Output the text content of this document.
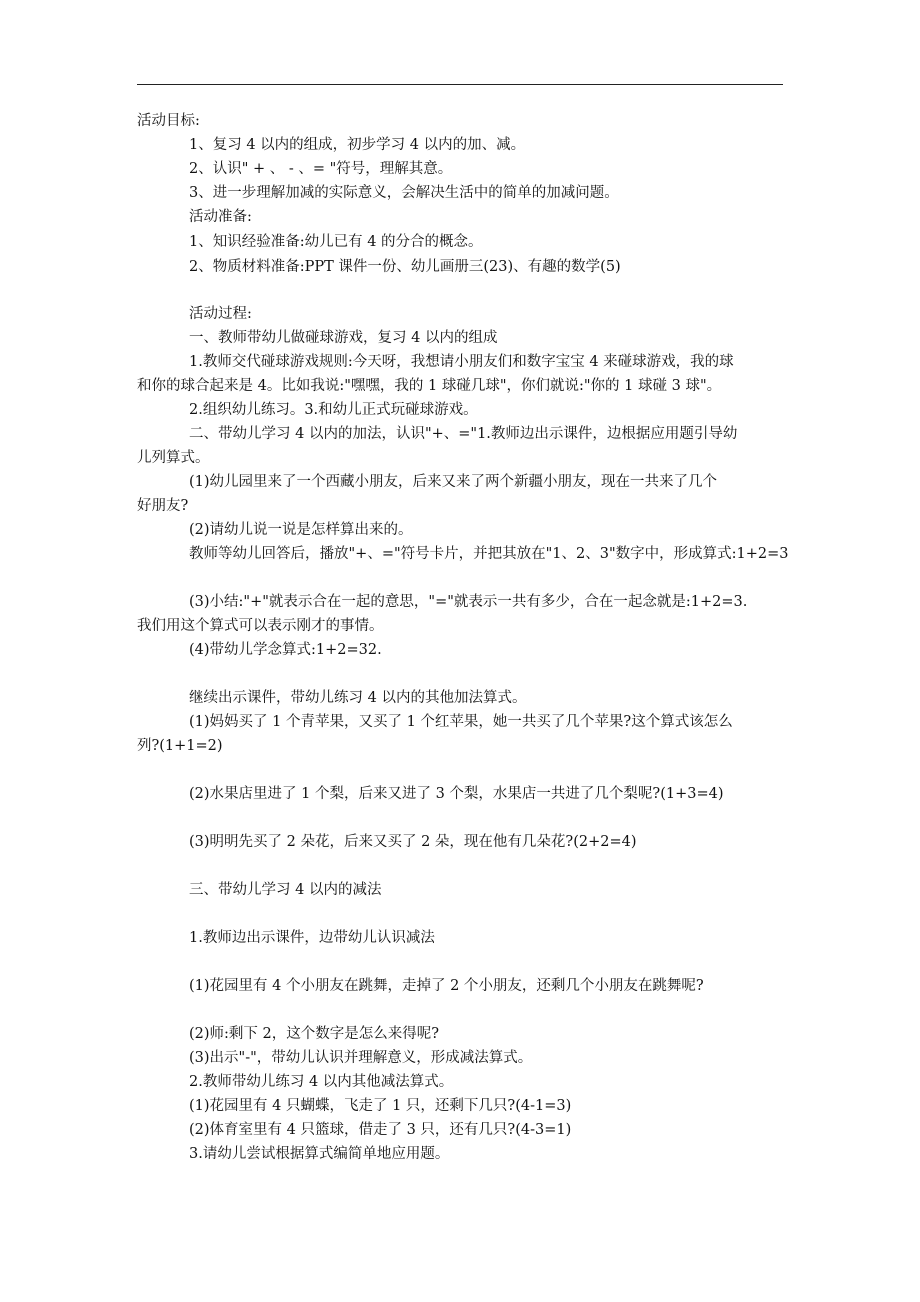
活动目标:
1、复习 4 以内的组成，初步学习 4 以内的加、减。
2、认识" + 、 - 、= "符号，理解其意。
3、进一步理解加减的实际意义，会解决生活中的简单的加减问题。
活动准备:
1、知识经验准备:幼儿已有 4 的分合的概念。
2、物质材料准备:PPT 课件一份、幼儿画册三(23)、有趣的数学(5)
活动过程:
一、教师带幼儿做碰球游戏，复习 4 以内的组成
1.教师交代碰球游戏规则:今天呀，我想请小朋友们和数字宝宝 4 来碰球游戏，我的球
和你的球合起来是 4。比如我说:"嘿嘿，我的 1 球碰几球"，你们就说:"你的 1 球碰 3 球"。
2.组织幼儿练习。3.和幼儿正式玩碰球游戏。
二、带幼儿学习 4 以内的加法，认识"+、="1.教师边出示课件，边根据应用题引导幼
儿列算式。
(1)幼儿园里来了一个西藏小朋友，后来又来了两个新疆小朋友，现在一共来了几个
好朋友?
(2)请幼儿说一说是怎样算出来的。
教师等幼儿回答后，播放"+、="符号卡片，并把其放在"1、2、3"数字中，形成算式:1+2=3
(3)小结:"+"就表示合在一起的意思，"="就表示一共有多少，合在一起念就是:1+2=3.
我们用这个算式可以表示刚才的事情。
(4)带幼儿学念算式:1+2=32.
继续出示课件，带幼儿练习 4 以内的其他加法算式。
(1)妈妈买了 1 个青苹果，又买了 1 个红苹果，她一共买了几个苹果?这个算式该怎么
列?(1+1=2)
(2)水果店里进了 1 个梨，后来又进了 3 个梨，水果店一共进了几个梨呢?(1+3=4)
(3)明明先买了 2 朵花，后来又买了 2 朵，现在他有几朵花?(2+2=4)
三、带幼儿学习 4 以内的减法
1.教师边出示课件，边带幼儿认识减法
(1)花园里有 4 个小朋友在跳舞，走掉了 2 个小朋友，还剩几个小朋友在跳舞呢?
(2)师:剩下 2，这个数字是怎么来得呢?
(3)出示"-"，带幼儿认识并理解意义，形成减法算式。
2.教师带幼儿练习 4 以内其他减法算式。
(1)花园里有 4 只蝴蝶，飞走了 1 只，还剩下几只?(4-1=3)
(2)体育室里有 4 只篮球，借走了 3 只，还有几只?(4-3=1)
3.请幼儿尝试根据算式编简单地应用题。
